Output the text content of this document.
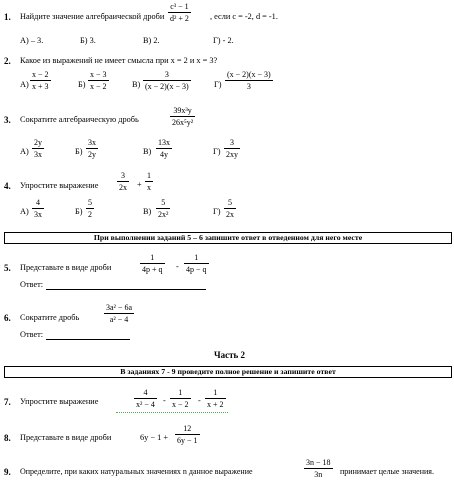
1. Найдите значение алгебраической дроби
c³ − 1
d² + 2	, если c = -2, d = -1.
А) – 3.	Б) 3.	В) 2.	Г) - 2.
2. Какое из выражений не имеет смысла при x = 2 и x = 3?
А)
x − 2
x + 3	Б)
x − 3
x − 2	В)
3
(x − 2)(x − 3)	Г)
(x − 2)(x − 3)
3
3. Сократите алгебраическую дробь
39x³y
26x⁵y²
А)
2y
3x	Б)
3x
2y	В)
13x
4y	Г)
3
2xy
4. Упростите выражение
3
2x +
1
x
А)
4
3x	Б)
5
2	В)
5
2x²	Г)
5
2x
При выполнении заданий 5 – 6 запишите ответ в отведенном для него месте
5. Представьте в виде дроби
1
4p + q -
1
4p − q
Ответ:
6. Сократите дробь
3a² − 6a
a² − 4
Ответ:
Часть 2
В заданиях 7 - 9 проведите полное решение и запишите ответ
7. Упростите выражение
4
x² − 4 -
1
x − 2 -
1
x + 2
8. Представьте в виде дроби	6y − 1 +
12
6y − 1
9. Определите, при каких натуральных значениях n данное выражение
3n − 18
3n принимает целые значения.
